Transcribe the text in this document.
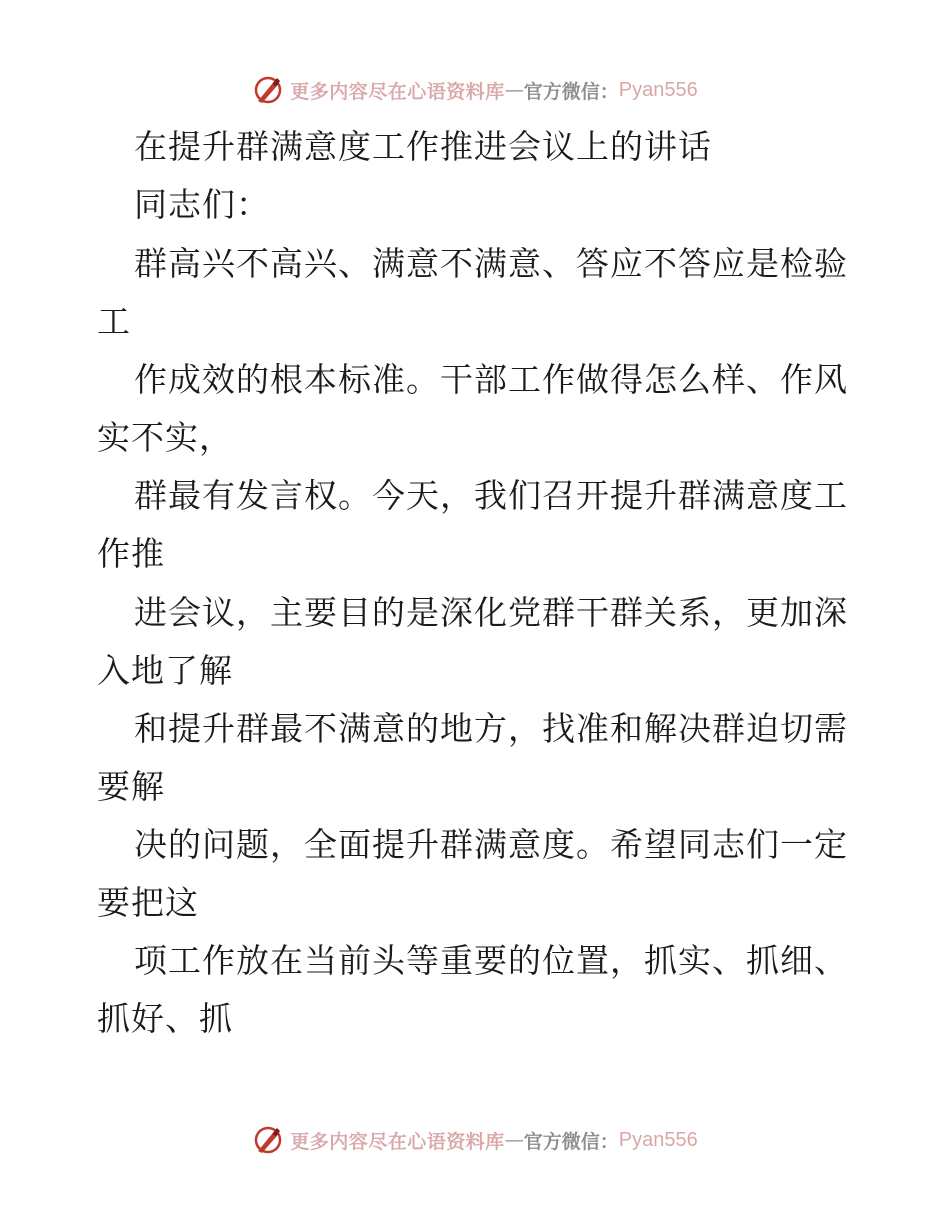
更多内容尽在心语资料库 — 官方微信： Pyan556
在提升群满意度工作推进会议上的讲话
同志们：
群高兴不高兴、满意不满意、答应不答应是检验
工
作成效的根本标准。干部工作做得怎么样、作风
实不实，
群最有发言权。今天，我们召开提升群满意度工
作推
进会议，主要目的是深化党群干群关系，更加深
入地了解
和提升群最不满意的地方，找准和解决群迫切需
要解
决的问题，全面提升群满意度。希望同志们一定
要把这
项工作放在当前头等重要的位置，抓实、抓细、
抓好、抓
更多内容尽在心语资料库 — 官方微信： Pyan556
